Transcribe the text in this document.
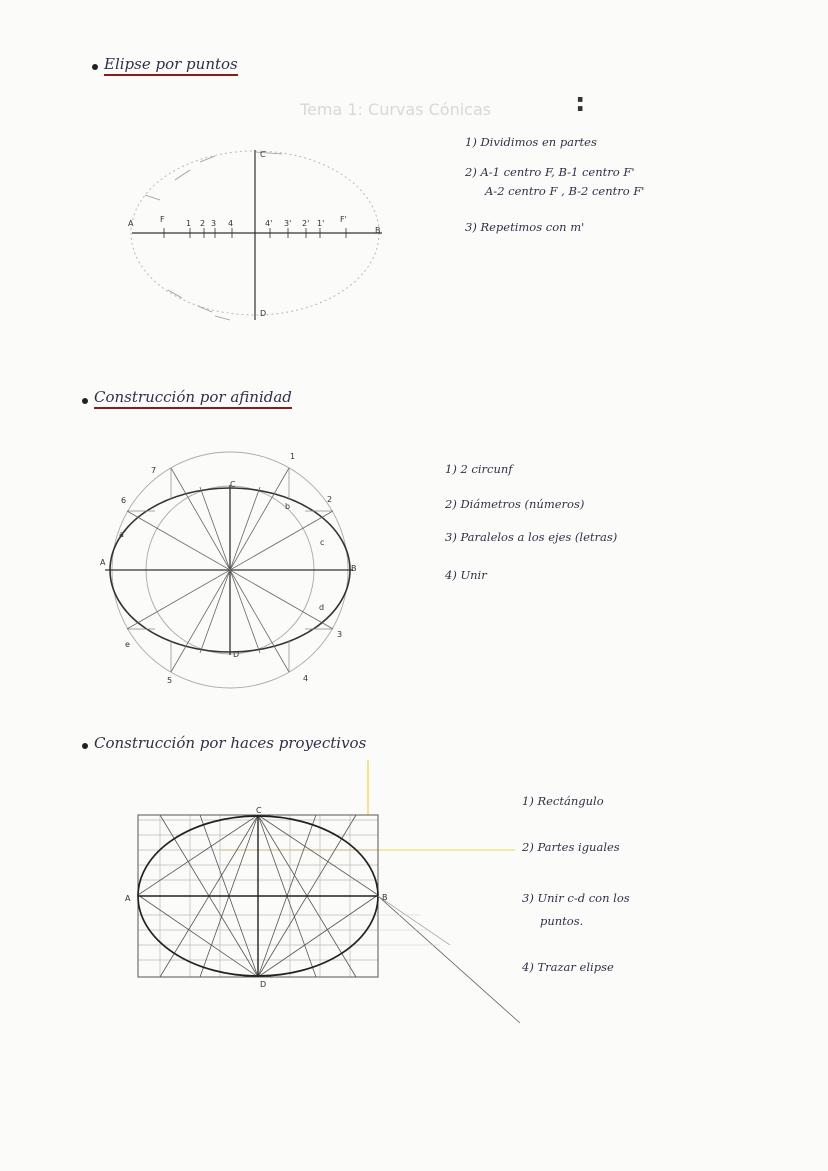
Tema 1: Curvas Cónicas	:
Elipse por puntos
A
B
C
D
F	F'
1 2 3 4	4' 3' 2' 1'
1) Dividimos en partes
2) A-1 centro F, B-1 centro F'
A-2 centro F , B-2 centro F'
3) Repetimos con m'
Construcción por afinidad
A
B
C
D
1
2
3
4
5
6
7
a
b
c
d
e
1) 2 circunf
2) Diámetros (números)
3) Paralelos a los ejes (letras)
4) Unir
Construcción por haces proyectivos
A	B
C
D
1) Rectángulo
2) Partes iguales
3) Unir c-d con los
puntos.
4) Trazar elipse
